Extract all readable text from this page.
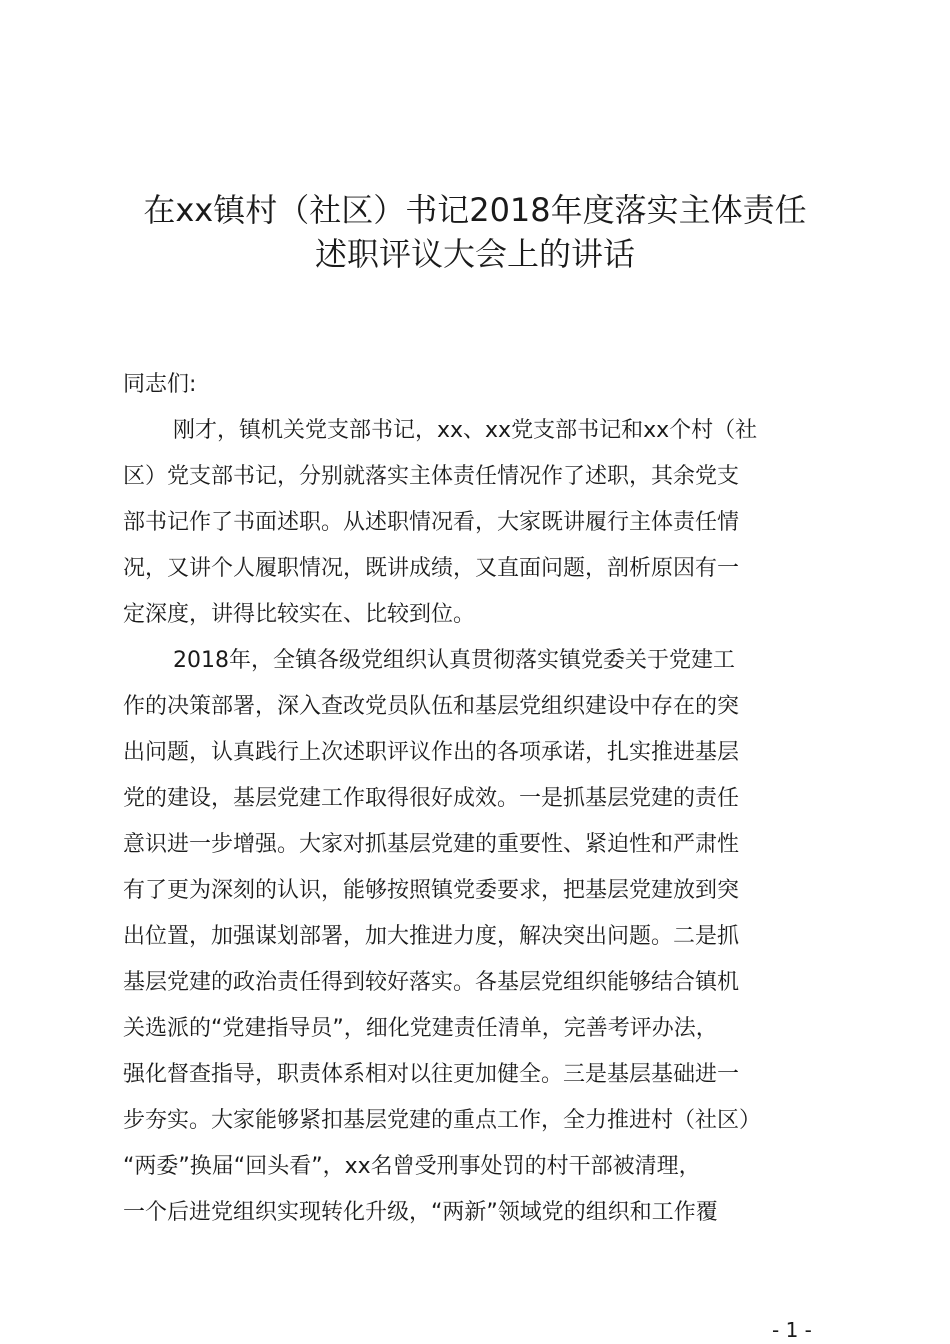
在xx镇村（社区）书记2018年度落实主体责任
述职评议大会上的讲话
同志们:
刚才，镇机关党支部书记，xx、xx党支部书记和xx个村（社
区）党支部书记，分别就落实主体责任情况作了述职，其余党支
部书记作了书面述职。从述职情况看，大家既讲履行主体责任情
况，又讲个人履职情况，既讲成绩，又直面问题，剖析原因有一
定深度，讲得比较实在、比较到位。
2018年，全镇各级党组织认真贯彻落实镇党委关于党建工
作的决策部署，深入查改党员队伍和基层党组织建设中存在的突
出问题，认真践行上次述职评议作出的各项承诺，扎实推进基层
党的建设，基层党建工作取得很好成效。一是抓基层党建的责任
意识进一步增强。大家对抓基层党建的重要性、紧迫性和严肃性
有了更为深刻的认识，能够按照镇党委要求，把基层党建放到突
出位置，加强谋划部署，加大推进力度，解决突出问题。二是抓
基层党建的政治责任得到较好落实。各基层党组织能够结合镇机
关选派的“党建指导员”，细化党建责任清单，完善考评办法，
强化督查指导，职责体系相对以往更加健全。三是基层基础进一
步夯实。大家能够紧扣基层党建的重点工作，全力推进村（社区）
“两委”换届“回头看”，xx名曾受刑事处罚的村干部被清理，
一个后进党组织实现转化升级，“两新”领域党的组织和工作覆
- 1 -
